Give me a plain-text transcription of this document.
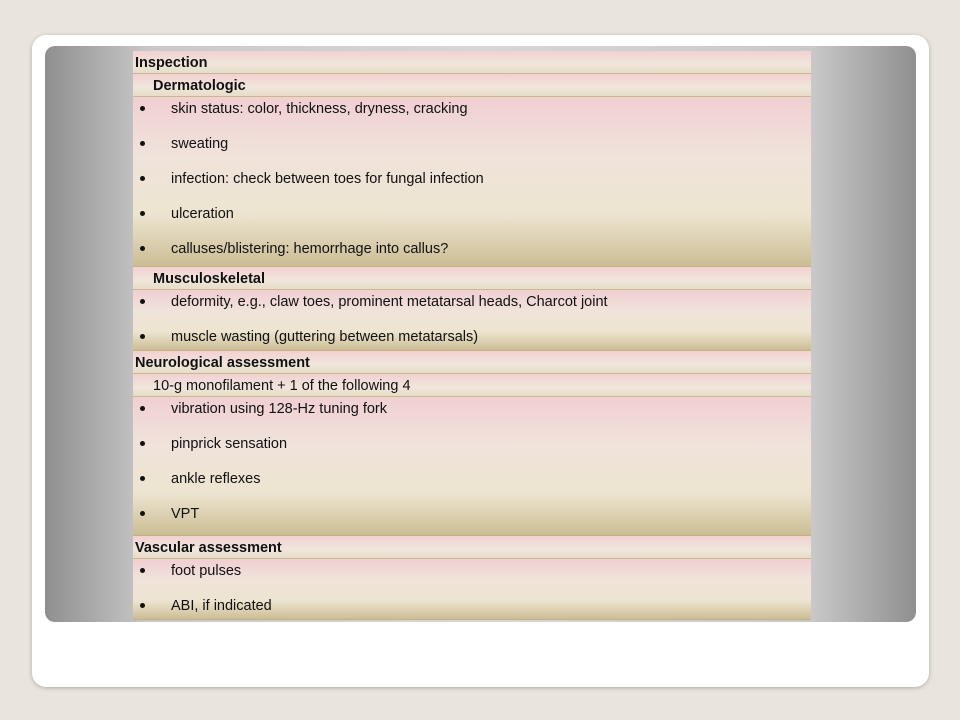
Inspection
Dermatologic
skin status: color, thickness, dryness, cracking
sweating
infection: check between toes for fungal infection
ulceration
calluses/blistering: hemorrhage into callus?
Musculoskeletal
deformity, e.g., claw toes, prominent metatarsal heads, Charcot joint
muscle wasting (guttering between metatarsals)
Neurological assessment
10-g monofilament + 1 of the following 4
vibration using 128-Hz tuning fork
pinprick sensation
ankle reflexes
VPT
Vascular assessment
foot pulses
ABI, if indicated
